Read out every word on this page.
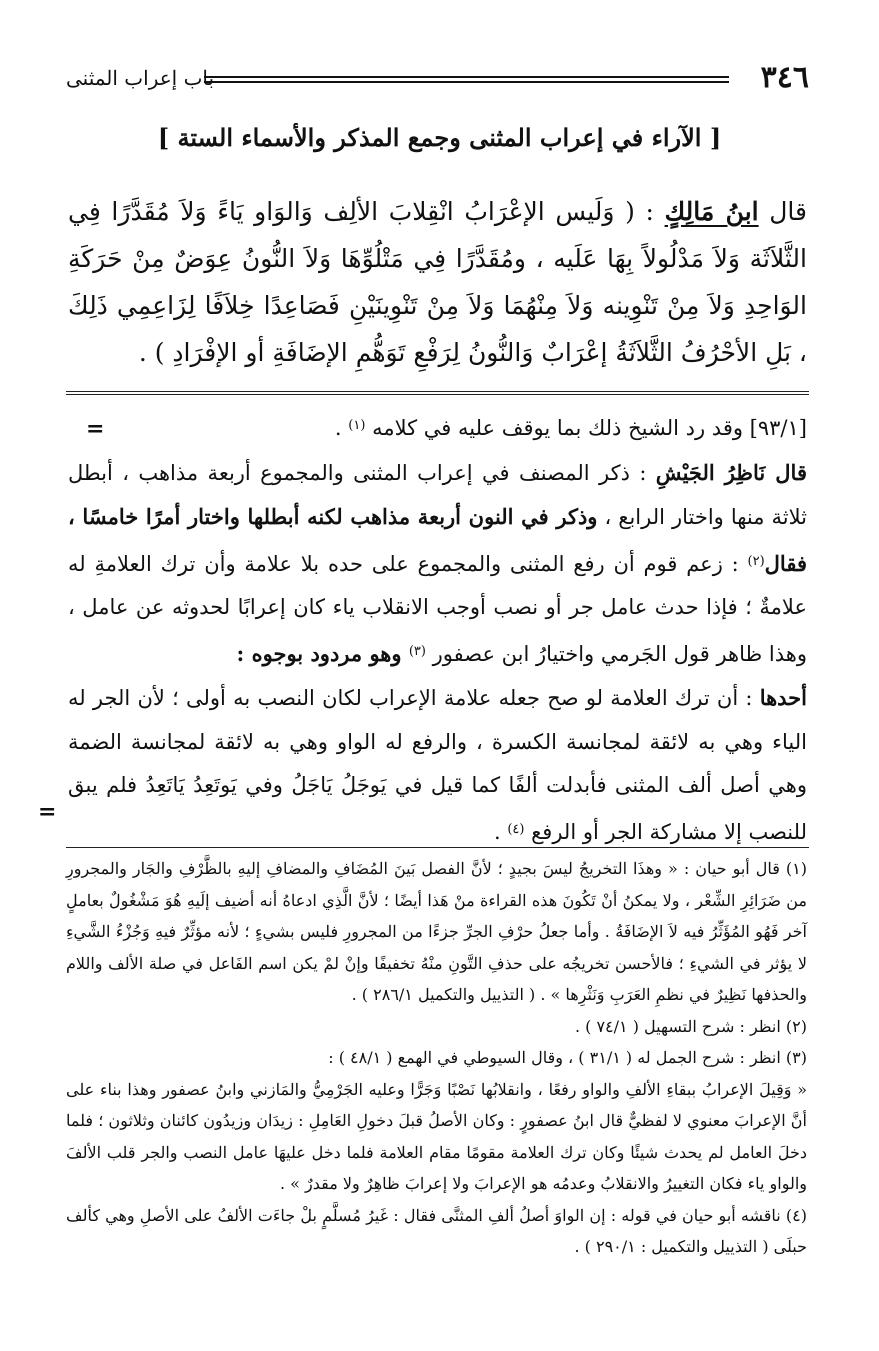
٣٤٦
باب إعراب المثنى
[ الآراء في إعراب المثنى وجمع المذكر والأسماء الستة ]
قال ابنُ مَالِكٍ : ( وَلَيس الإعْرَابُ انْقِلابَ الألِف وَالوَاو يَاءً وَلاَ مُقَدَّرًا فِي الثَّلاَثَة وَلاَ مَدْلُولاً بِهَا عَلَيه ، ومُقَدَّرًا فِي مَتْلُوِّهَا وَلاَ النُّونُ عِوَضٌ مِنْ حَرَكَةِ الوَاحِدِ وَلاَ مِنْ تَنْوِينه وَلاَ مِنْهُمَا وَلاَ مِنْ تَنْوِينَيْنِ فَصَاعِدًا خِلاَفًا لِزَاعِمِي ذَلِكَ ، بَلِ الأحْرُفُ الثَّلاَثَةُ إعْرَابٌ وَالنُّونُ لِرَفْعِ تَوَهُّمِ الإضَافَةِ أو الإفْرَادِ ) .
=
=

[٩٣/١] وقد رد الشيخ ذلك بما يوقف عليه في كلامه $^{(١)}$ .

قال نَاظِرُ الجَيْشِ : ذكر المصنف في إعراب المثنى والمجموع أربعة مذاهب ، أبطل ثلاثة منها واختار الرابع ، وذكر في النون أربعة مذاهب لكنه أبطلها واختار أمرًا خامسًا ، فقال$^{(٢)}$ : زعم قوم أن رفع المثنى والمجموع على حده بلا علامة وأن ترك العلامةِ له علامةٌ ؛ فإذا حدث عامل جر أو نصب أوجب الانقلاب ياء كان إعرابًا لحدوثه عن عامل ، وهذا ظاهر قول الجَرمي واختيارُ ابن عصفور $^{(٣)}$ وهو مردود بوجوه :

أحدها : أن ترك العلامة لو صح جعله علامة الإعراب لكان النصب به أولى ؛ لأن الجر له الياء وهي به لائقة لمجانسة الكسرة ، والرفع له الواو وهي به لائقة لمجانسة الضمة وهي أصل ألف المثنى فأبدلت ألفًا كما قيل في يَوجَلُ يَاجَلُ وفي يَوتَعِدُ يَاتَعِدُ فلم يبق للنصب إلا مشاركة الجر أو الرفع $^{(٤)}$ .

(١) قال أبو حيان : « وهذَا التخريجُ ليسَ بجيدٍ ؛ لأنَّ الفصل بَينَ المُضَافِ والمضافِ إليهِ بالظَّرْفِ والجَار والمجرورِ من ضَرَائِرِ الشِّعْر ، ولا يمكنُ أنْ تَكُونَ هذه القراءة منْ هَذا أيضًا ؛ لأنَّ الَّذِي ادعاهُ أنه أضيف إلَيهِ هُوَ مَشْغُولٌ بعاملٍ آخر فَهُو المُؤَثِّرُ فيه لاَ الإضَافَةُ . وأما جعلُ حرْفِ الجرِّ جزءًا من المجرورِ فليس بشيءٍ ؛ لأنه مؤثِّرٌ فيهِ وَجُزْءُ الشَّيءِ لا يؤثر في الشيءِ ؛ فالأحسن تخريجُه على حذفِ التَّونِ منْهُ تخفيفًا وإنْ لمْ يكن اسم الفَاعل في صلة الألف واللام والحذفها نَظِيرٌ في نظمِ العَرَبِ وَنَثْرِها » . ( التذييل والتكميل ٢٨٦/١ ) .

(٢) انظر : شرح التسهيل ( ٧٤/١ ) .

(٣) انظر : شرح الجمل له ( ٣١/١ ) ، وقال السيوطي في الهمع ( ٤٨/١ ) :

« وَقِيلَ الإعرابُ ببقاءِ الألفِ والواو رفعًا ، وانقلابُها نَصْبًا وَجَرًّا وعليه الجَرْمِيُّ والمَازني وابنُ عصفور وهذا بناء على أنَّ الإعرابَ معنوي لا لفظيٌّ قال ابنُ عصفورٍ : وكان الأصلُ قبلَ دخولِ العَامِلِ : زيدَان وزيدُون كائنان وثلاثون ؛ فلما دخلَ العامل لم يحدث شيئًا وكان ترك العلامة مقومًا مقام العلامة فلما دخل عليهَا عامل النصب والجر قلب الألفَ والواو ياء فكان التغييرُ والانقلابُ وعدمُه هو الإعرابَ ولا إعرابَ ظاهِرٌ ولا مقدرٌ » .

(٤) ناقشه أبو حيان في قوله : إن الواوَ أصلُ ألفِ المثنَّى فقال : غَيرُ مُسلَّمٍ بلْ جاءَت الألفُ على الأصلِ وهي كألف حبلَى ( التذييل والتكميل : ٢٩٠/١ ) .
